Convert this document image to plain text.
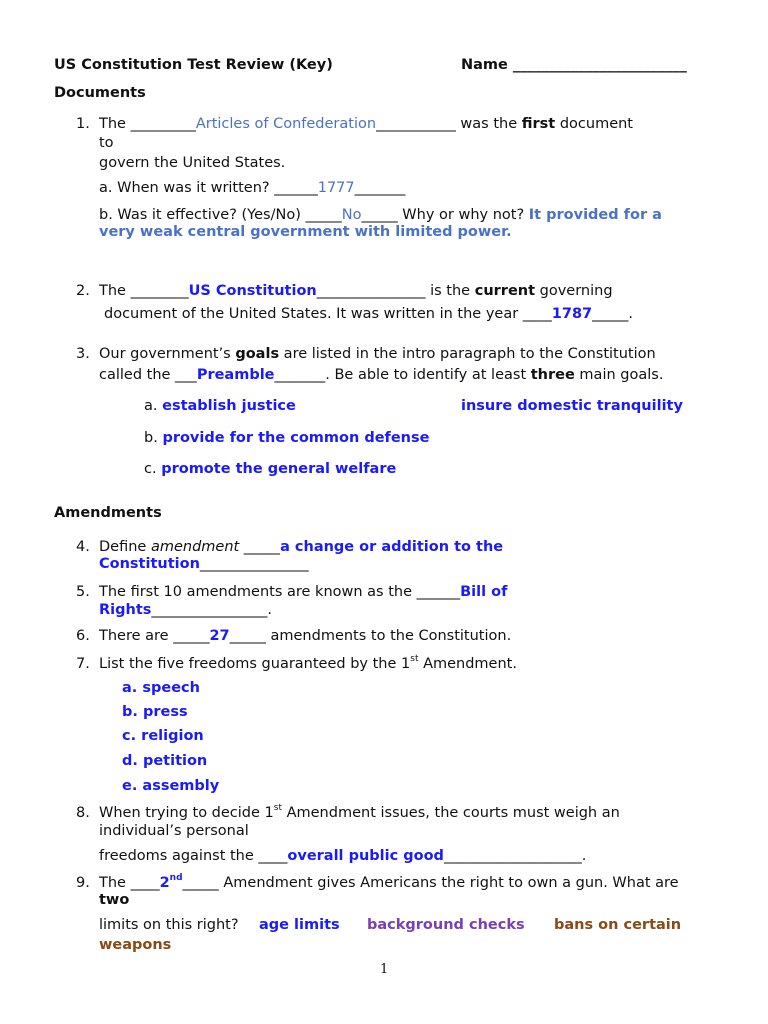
US Constitution Test Review (Key)	Name ________________________
Documents
1. The _________Articles of Confederation___________ was the first document
to
govern the United States.
a. When was it written? ______1777_______
b. Was it effective? (Yes/No) _____No_____ Why or why not? It provided for a
very weak central government with limited power.
2. The ________US Constitution_______________ is the current governing
document of the United States. It was written in the year ____1787_____.
3. Our government’s goals are listed in the intro paragraph to the Constitution
called the ___Preamble_______. Be able to identify at least three main goals.
a. establish justice	insure domestic tranquility
b. provide for the common defense
c. promote the general welfare
Amendments
4. Define amendment _____a change or addition to the
Constitution_______________
5. The first 10 amendments are known as the ______Bill of
Rights________________.
6. There are _____27_____ amendments to the Constitution.
7. List the five freedoms guaranteed by the 1st Amendment.
a. speech
b. press
c. religion
d. petition
e. assembly
8. When trying to decide 1st Amendment issues, the courts must weigh an
individual’s personal
freedoms against the ____overall public good___________________.
9. The ____2nd_____ Amendment gives Americans the right to own a gun. What are
two
limits on this right? age limits background checks bans on certain
weapons
1
